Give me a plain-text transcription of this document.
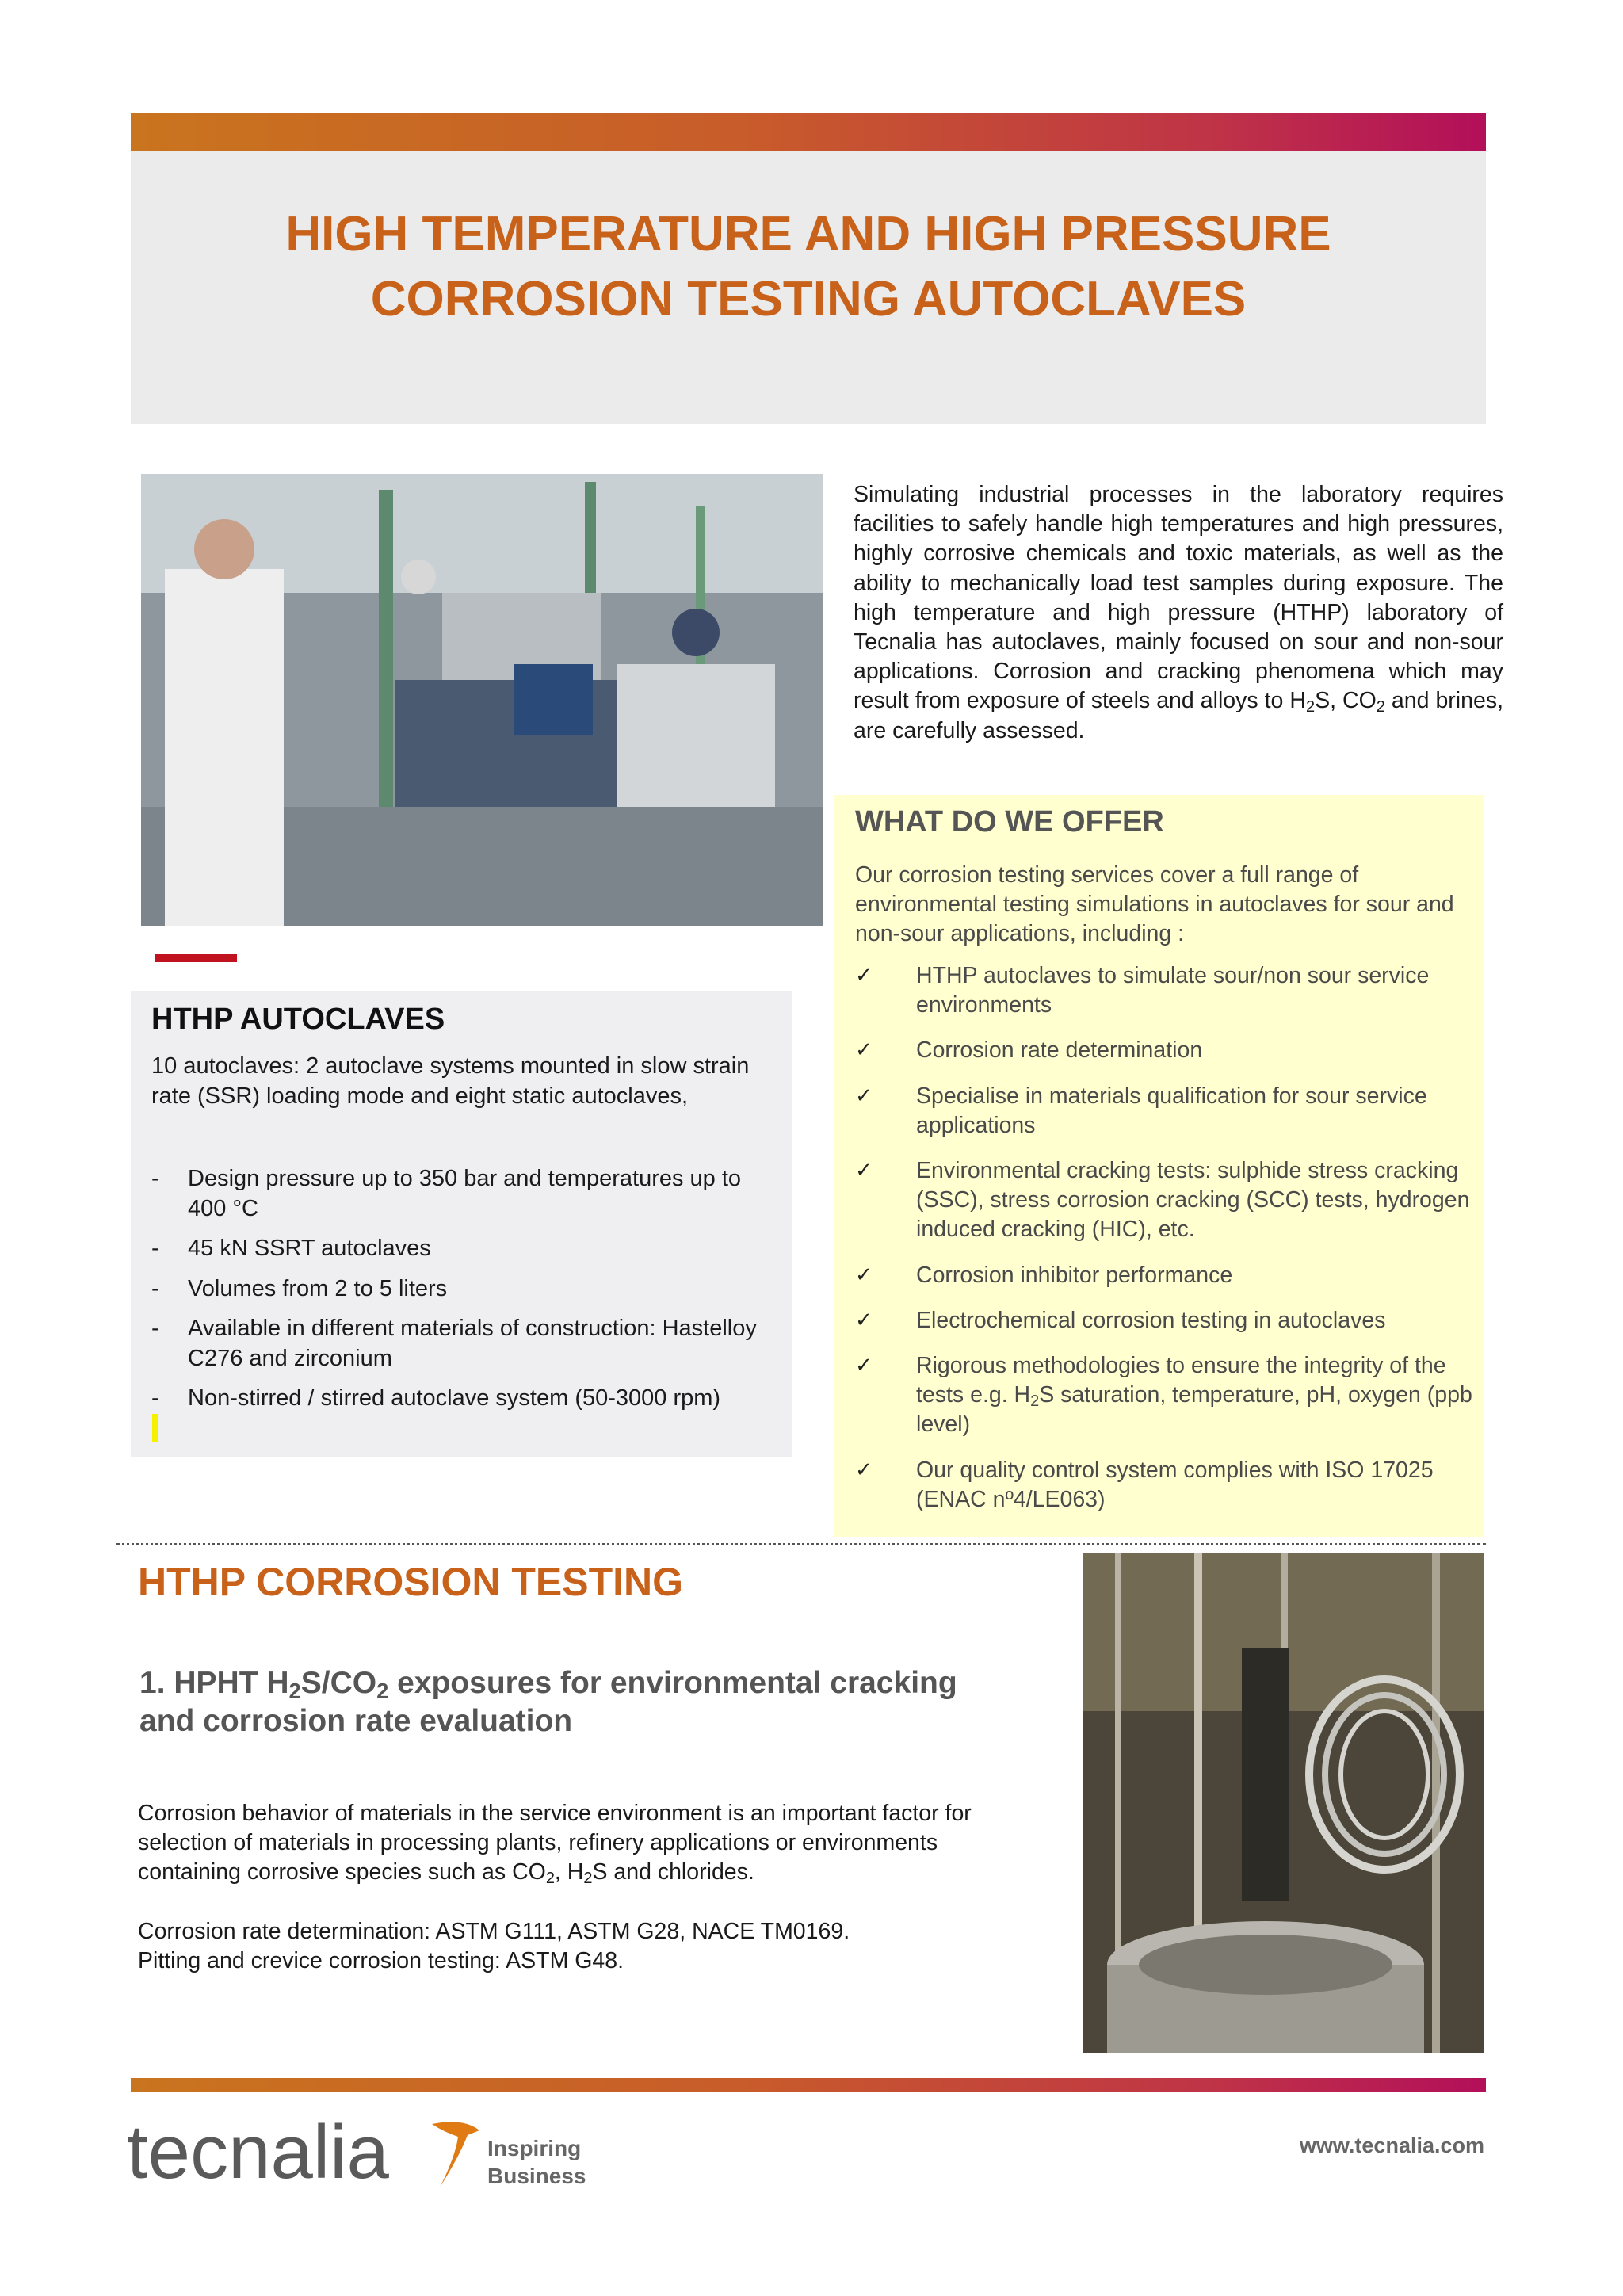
HIGH TEMPERATURE AND HIGH PRESSURE
CORROSION TESTING AUTOCLAVES
Simulating industrial processes in the laboratory requires facilities to safely handle high temperatures and high pressures, highly corrosive chemicals and toxic materials, as well as the ability to mechanically load test samples during exposure. The high temperature and high pressure (HTHP) laboratory of Tecnalia has autoclaves, mainly focused on sour and non-sour applications. Corrosion and cracking phenomena which may result from exposure of steels and alloys to $H_2S$, $CO_2$ and brines, are carefully assessed.
WHAT DO WE OFFER
Our corrosion testing services cover a full range of environmental testing simulations in autoclaves for sour and non-sour applications, including :
✓ HTHP autoclaves to simulate sour/non sour service environments
✓ Corrosion rate determination
✓ Specialise in materials qualification for sour service applications
✓ Environmental cracking tests: sulphide stress cracking (SSC), stress corrosion cracking (SCC) tests, hydrogen induced cracking (HIC), etc.
✓ Corrosion inhibitor performance
✓ Electrochemical corrosion testing in autoclaves
✓ Rigorous methodologies to ensure the integrity of the tests e.g. $H_2S$ saturation, temperature, pH, oxygen (ppb level)
✓ Our quality control system complies with ISO 17025 (ENAC nº4/LE063)
HTHP AUTOCLAVES
10 autoclaves: 2 autoclave systems mounted in slow strain rate (SSR) loading mode and eight static autoclaves,
- Design pressure up to 350 bar and temperatures up to 400 °C
- 45 kN SSRT autoclaves
- Volumes from 2 to 5 liters
- Available in different materials of construction: Hastelloy C276 and zirconium
- Non-stirred / stirred autoclave system (50-3000 rpm)
HTHP CORROSION TESTING
1. HPHT $H_2S/CO_2$ exposures for environmental cracking and corrosion rate evaluation

Corrosion behavior of materials in the service environment is an important factor for selection of materials in processing plants, refinery applications or environments containing corrosive species such as $CO_2$, $H_2S$ and chlorides.

Corrosion rate determination: ASTM G111, ASTM G28, NACE TM0169.
Pitting and crevice corrosion testing: ASTM G48.

tecnalia	Inspiring
Business
www.tecnalia.com
